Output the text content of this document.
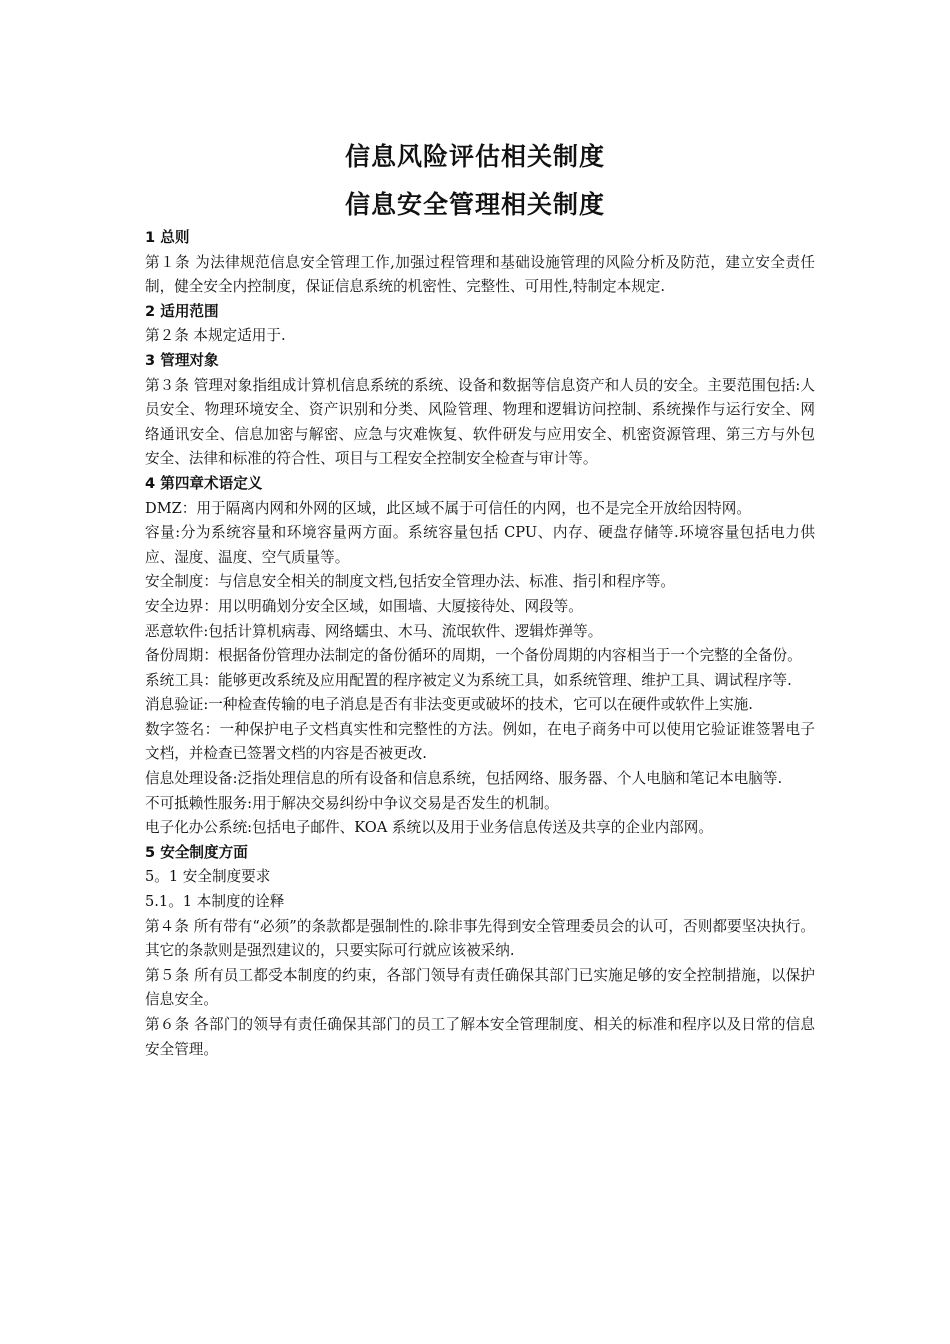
信息风险评估相关制度
信息安全管理相关制度

1 总则

第１条 为法律规范信息安全管理工作,加强过程管理和基础设施管理的风险分析及防范，建立安全责任制，健全安全内控制度，保证信息系统的机密性、完整性、可用性,特制定本规定.

2 适用范围

第２条 本规定适用于.

3 管理对象

第３条 管理对象指组成计算机信息系统的系统、设备和数据等信息资产和人员的安全。主要范围包括:人员安全、物理环境安全、资产识别和分类、风险管理、物理和逻辑访问控制、系统操作与运行安全、网络通讯安全、信息加密与解密、应急与灾难恢复、软件研发与应用安全、机密资源管理、第三方与外包安全、法律和标准的符合性、项目与工程安全控制安全检查与审计等。

4 第四章术语定义

DMZ：用于隔离内网和外网的区域，此区域不属于可信任的内网，也不是完全开放给因特网。

容量:分为系统容量和环境容量两方面。系统容量包括 CPU、内存、硬盘存储等.环境容量包括电力供应、湿度、温度、空气质量等。

安全制度：与信息安全相关的制度文档,包括安全管理办法、标准、指引和程序等。

安全边界：用以明确划分安全区域，如围墙、大厦接待处、网段等。

恶意软件:包括计算机病毒、网络蠕虫、木马、流氓软件、逻辑炸弹等。

备份周期：根据备份管理办法制定的备份循环的周期，一个备份周期的内容相当于一个完整的全备份。

系统工具：能够更改系统及应用配置的程序被定义为系统工具，如系统管理、维护工具、调试程序等.

消息验证:一种检查传输的电子消息是否有非法变更或破坏的技术，它可以在硬件或软件上实施.

数字签名：一种保护电子文档真实性和完整性的方法。例如，在电子商务中可以使用它验证谁签署电子文档，并检查已签署文档的内容是否被更改.

信息处理设备:泛指处理信息的所有设备和信息系统，包括网络、服务器、个人电脑和笔记本电脑等.

不可抵赖性服务:用于解决交易纠纷中争议交易是否发生的机制。

电子化办公系统:包括电子邮件、KOA 系统以及用于业务信息传送及共享的企业内部网。

5 安全制度方面

5。1 安全制度要求

5.1。1 本制度的诠释

第４条 所有带有“必须”的条款都是强制性的.除非事先得到安全管理委员会的认可，否则都要坚决执行。其它的条款则是强烈建议的，只要实际可行就应该被采纳.

第５条 所有员工都受本制度的约束，各部门领导有责任确保其部门已实施足够的安全控制措施，以保护信息安全。

第６条 各部门的领导有责任确保其部门的员工了解本安全管理制度、相关的标准和程序以及日常的信息安全管理。
